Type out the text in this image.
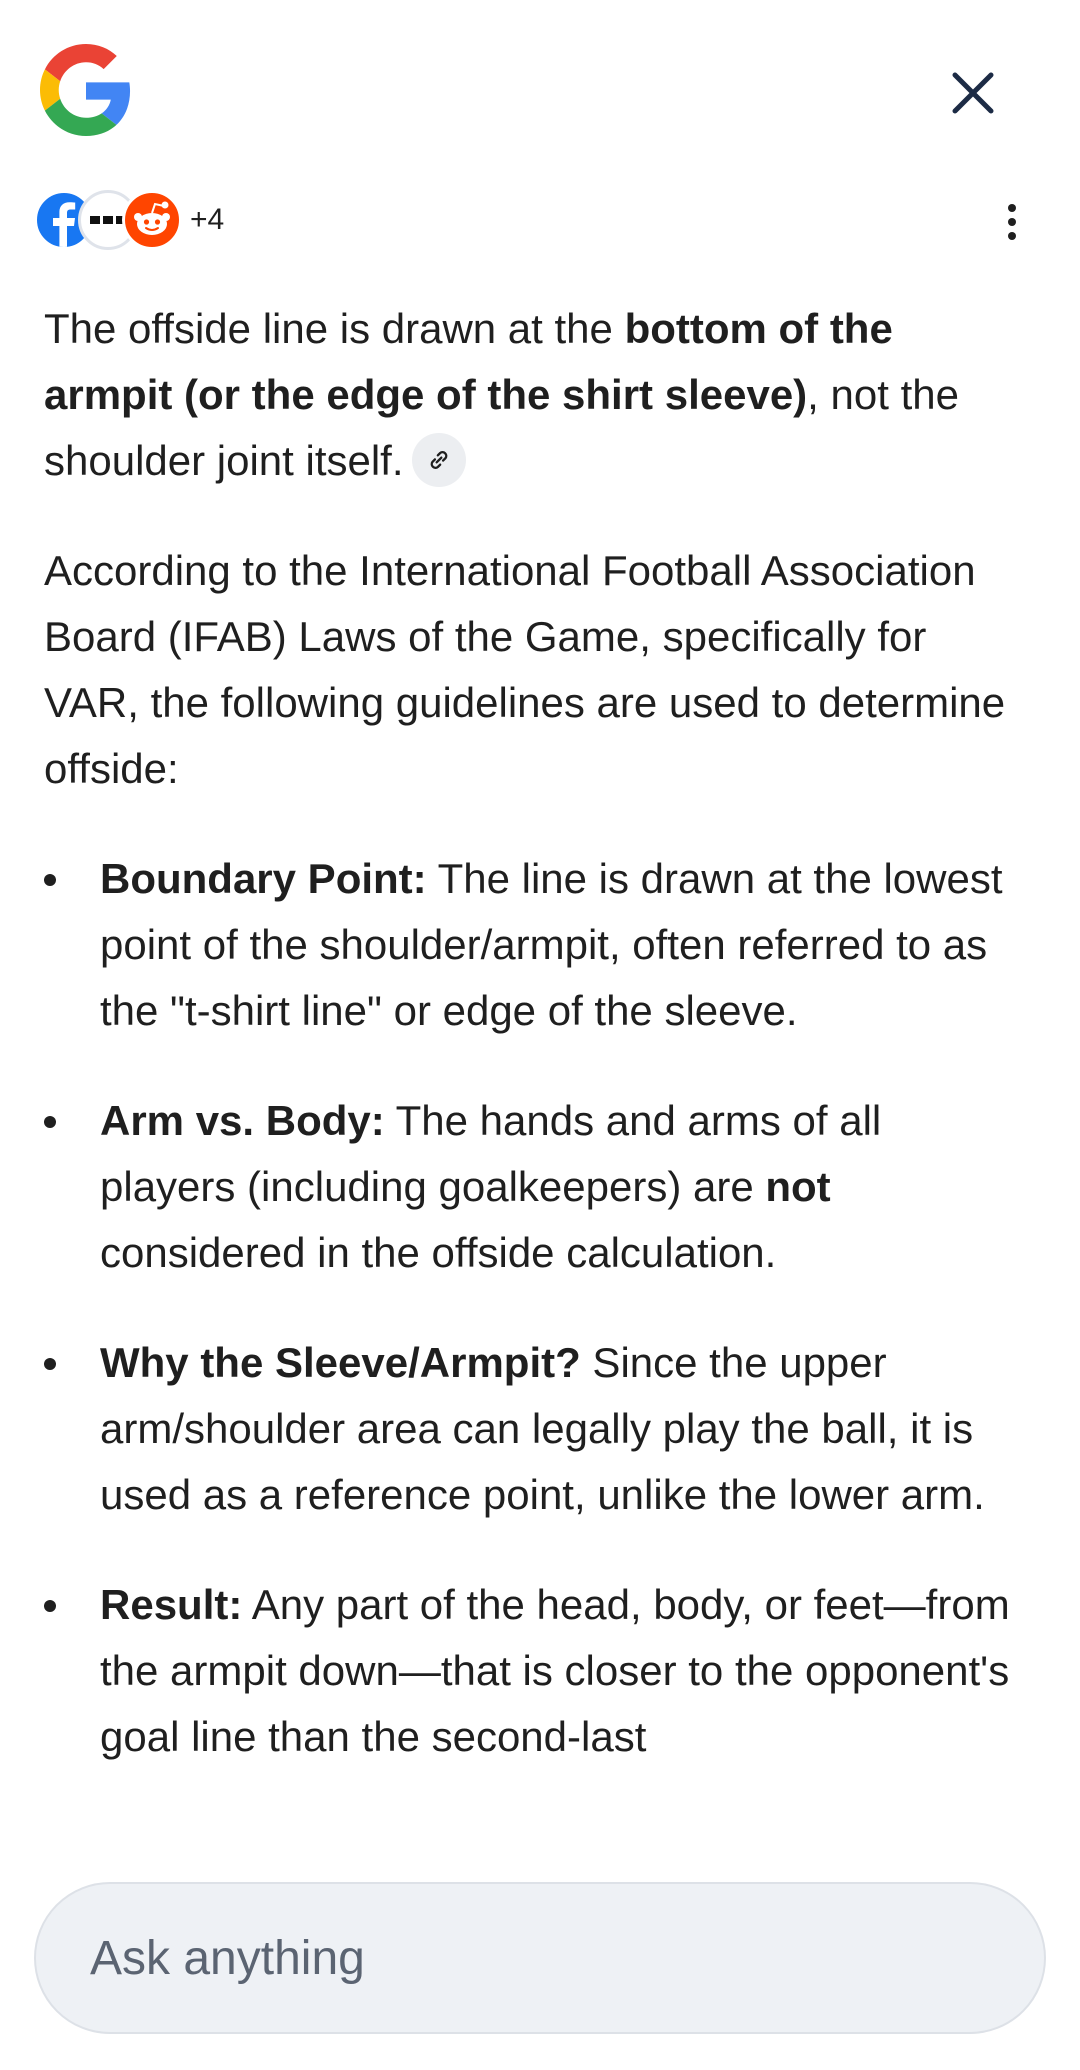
+4

The offside line is drawn at the bottom of the armpit (or the edge of the shirt sleeve), not the shoulder joint itself.

According to the International Football Association Board (IFAB) Laws of the Game, specifically for VAR, the following guidelines are used to determine offside:

Boundary Point: The line is drawn at the lowest point of the shoulder/armpit, often referred to as the "t-shirt line" or edge of the sleeve.
Arm vs. Body: The hands and arms of all players (including goalkeepers) are not considered in the offside calculation.
Why the Sleeve/Armpit? Since the upper arm/shoulder area can legally play the ball, it is used as a reference point, unlike the lower arm.
Result: Any part of the head, body, or feet—from the armpit down—that is closer to the opponent's goal line than the second-last
Ask anything
